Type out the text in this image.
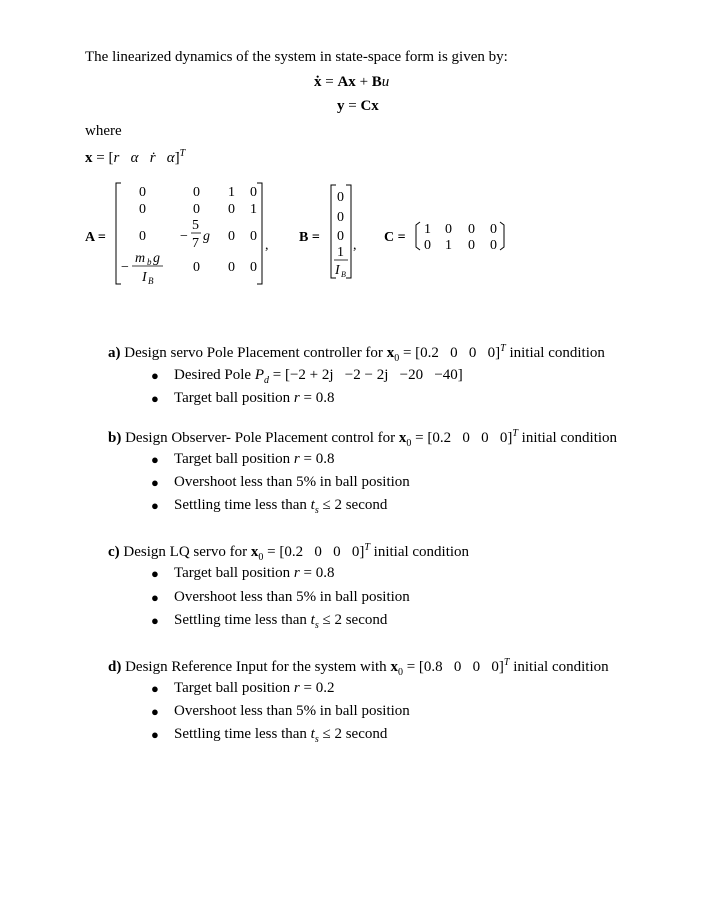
The linearized dynamics of the system in state-space form is given by:
ẋ = Ax + Bu
y = Cx
where
x = [r α ṙ α̇]$^T$
A =
0	0 1 0
0	0 0 1
0 −
5
7 g 0 0
−
m b g
I B
0 0 0
,
B =
0
0
0
1
I B
,
C =
1 0 0 0
0 1 0 0
a) Design servo Pole Placement controller for $x_0 = [0.2$   0   0   0]$^T$ initial condition
● Desired Pole $P_d = [-2 + 2j -2 - 2j -20 -40]$
● Target ball position r = 0.8
b) Design Observer- Pole Placement control for $x_0 = [0.2$   0   0   0]$^T$ initial condition
● Target ball position r = 0.8
● Overshoot less than 5% in ball position
● Settling time less than $t_s \le 2$ second
c) Design LQ servo for $x_0 = [0.2$   0   0   0]$^T$ initial condition
● Target ball position r = 0.8
● Overshoot less than 5% in ball position
● Settling time less than $t_s \le 2$ second
d) Design Reference Input for the system with $x_0 = [0.8$   0   0   0]$^T$ initial condition
● Target ball position r = 0.2
● Overshoot less than 5% in ball position
● Settling time less than $t_s \le 2$ second
